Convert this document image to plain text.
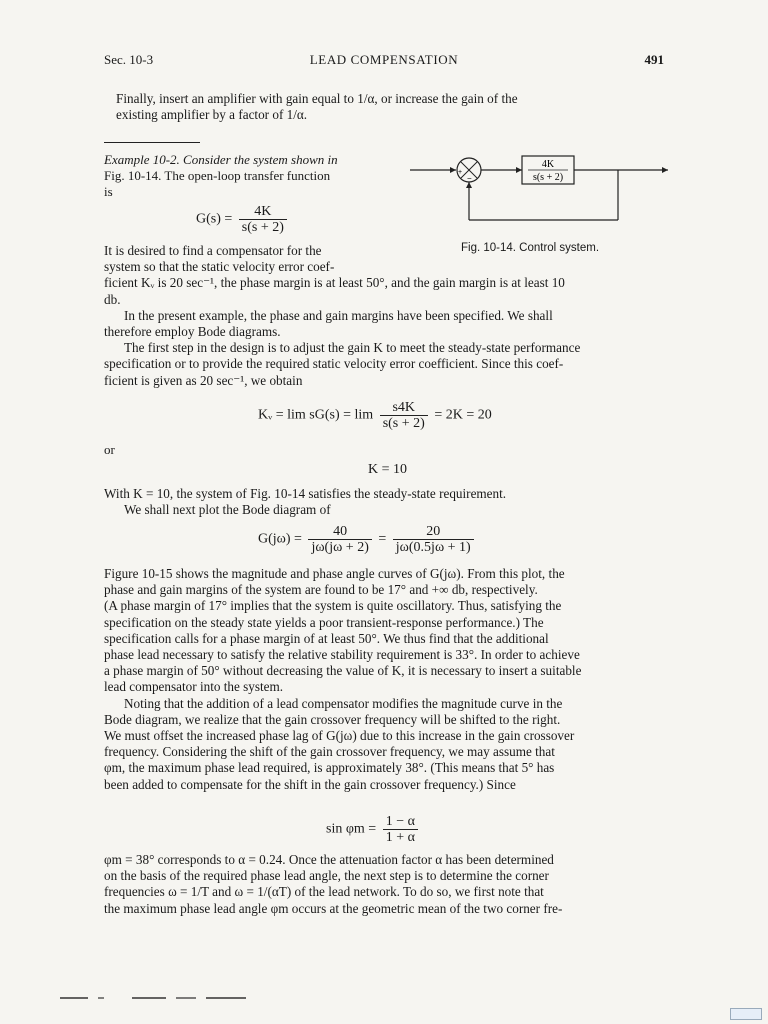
Sec. 10-3	LEAD COMPENSATION	491
Finally, insert an amplifier with gain equal to 1/α, or increase the gain of the
existing amplifier by a factor of 1/α.
Example 10-2. Consider the system shown in
Fig. 10-14. The open-loop transfer function
is
$G(s) = \frac{4K}{s(s + 2)}$
+
−
4K
s(s + 2)
Fig. 10-14. Control system.
It is desired to find a compensator for the
system so that the static velocity error coef-
ficient Kᵥ is 20 sec⁻¹, the phase margin is at least 50°, and the gain margin is at least 10
db.
In the present example, the phase and gain margins have been specified. We shall
therefore employ Bode diagrams.
The first step in the design is to adjust the gain K to meet the steady-state performance
specification or to provide the required static velocity error coefficient. Since this coef-
ficient is given as 20 sec⁻¹, we obtain
Kᵥ = $\lim sG(s) = \lim \frac{s4K}{s(s + 2)} = 2K = 20$
or
K = 10
With K = 10, the system of Fig. 10-14 satisfies the steady-state requirement.
We shall next plot the Bode diagram of
$G(j\omega) = \frac{40}{j\omega(j\omega + 2)} = \frac{20}{j\omega(0.5j\omega + 1)}$
Figure 10-15 shows the magnitude and phase angle curves of G(jω). From this plot, the
phase and gain margins of the system are found to be 17° and +∞ db, respectively.
(A phase margin of 17° implies that the system is quite oscillatory. Thus, satisfying the
specification on the steady state yields a poor transient-response performance.) The
specification calls for a phase margin of at least 50°. We thus find that the additional
phase lead necessary to satisfy the relative stability requirement is 33°. In order to achieve
a phase margin of 50° without decreasing the value of K, it is necessary to insert a suitable
lead compensator into the system.
Noting that the addition of a lead compensator modifies the magnitude curve in the
Bode diagram, we realize that the gain crossover frequency will be shifted to the right.
We must offset the increased phase lag of G(jω) due to this increase in the gain crossover
frequency. Considering the shift of the gain crossover frequency, we may assume that
φm, the maximum phase lead required, is approximately 38°. (This means that 5° has
been added to compensate for the shift in the gain crossover frequency.) Since
$\sin \varphi m = \frac{1 - \alpha}{1 + \alpha}$
φm = 38° corresponds to α = 0.24. Once the attenuation factor α has been determined
on the basis of the required phase lead angle, the next step is to determine the corner
frequencies ω = 1/T and ω = 1/(αT) of the lead network. To do so, we first note that
the maximum phase lead angle φm occurs at the geometric mean of the two corner fre-
